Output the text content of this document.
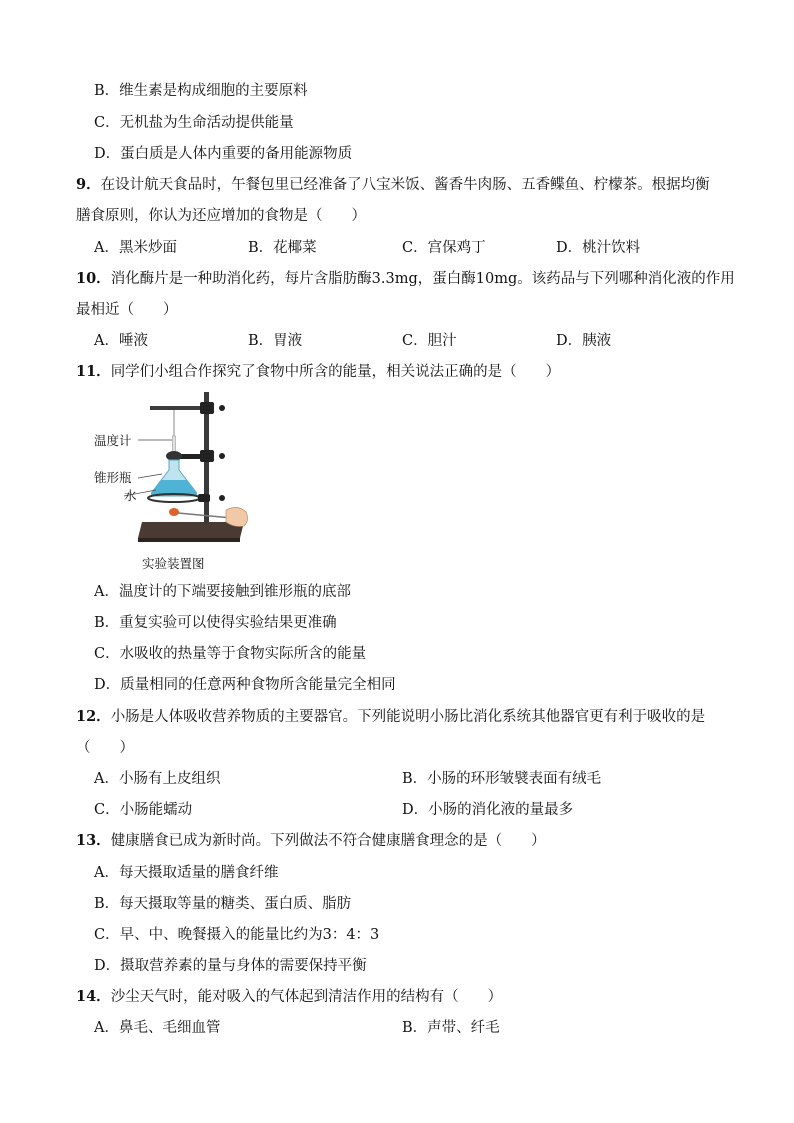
B．维生素是构成细胞的主要原料
C．无机盐为生命活动提供能量
D．蛋白质是人体内重要的备用能源物质
9．在设计航天食品时，午餐包里已经准备了八宝米饭、酱香牛肉肠、五香鲽鱼、柠檬茶。根据均衡
膳食原则，你认为还应增加的食物是（　　）
A．黑米炒面	B．花椰菜	C．宫保鸡丁	D．桃汁饮料
10．消化酶片是一种助消化药，每片含脂肪酶3.3mg，蛋白酶10mg。该药品与下列哪种消化液的作用
最相近（　　）
A．唾液	B．胃液	C．胆汁	D．胰液
11．同学们小组合作探究了食物中所含的能量，相关说法正确的是（　　）
温度计
锥形瓶
水
实验装置图
A．温度计的下端要接触到锥形瓶的底部
B．重复实验可以使得实验结果更准确
C．水吸收的热量等于食物实际所含的能量
D．质量相同的任意两种食物所含能量完全相同
12．小肠是人体吸收营养物质的主要器官。下列能说明小肠比消化系统其他器官更有利于吸收的是
（　　）
A．小肠有上皮组织	B．小肠的环形皱襞表面有绒毛
C．小肠能蠕动	D．小肠的消化液的量最多
13．健康膳食已成为新时尚。下列做法不符合健康膳食理念的是（　　）
A．每天摄取适量的膳食纤维
B．每天摄取等量的糖类、蛋白质、脂肪
C．早、中、晚餐摄入的能量比约为3：4：3
D．摄取营养素的量与身体的需要保持平衡
14．沙尘天气时，能对吸入的气体起到清洁作用的结构有（　　）
A．鼻毛、毛细血管	B．声带、纤毛
